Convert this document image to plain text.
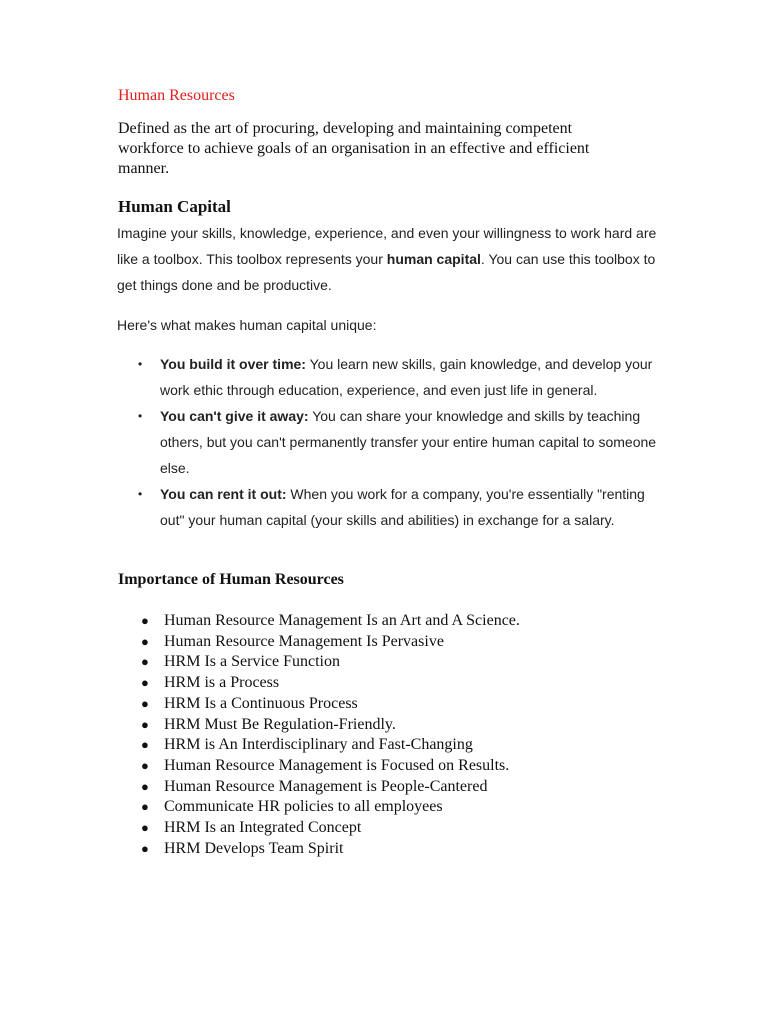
Human Resources

Defined as the art of procuring, developing and maintaining competent workforce to achieve goals of an organisation in an effective and efficient manner.

Human Capital

Imagine your skills, knowledge, experience, and even your willingness to work hard are like a toolbox. This toolbox represents your human capital. You can use this toolbox to get things done and be productive.

Here's what makes human capital unique:

• You build it over time: You learn new skills, gain knowledge, and develop your work ethic through education, experience, and even just life in general.
• You can't give it away: You can share your knowledge and skills by teaching others, but you can't permanently transfer your entire human capital to someone else.
• You can rent it out: When you work for a company, you're essentially "renting out" your human capital (your skills and abilities) in exchange for a salary.
Importance of Human Resources
● Human Resource Management Is an Art and A Science.
● Human Resource Management Is Pervasive
● HRM Is a Service Function
● HRM is a Process
● HRM Is a Continuous Process
● HRM Must Be Regulation-Friendly.
● HRM is An Interdisciplinary and Fast-Changing
● Human Resource Management is Focused on Results.
● Human Resource Management is People-Cantered
● Communicate HR policies to all employees
● HRM Is an Integrated Concept
● HRM Develops Team Spirit
